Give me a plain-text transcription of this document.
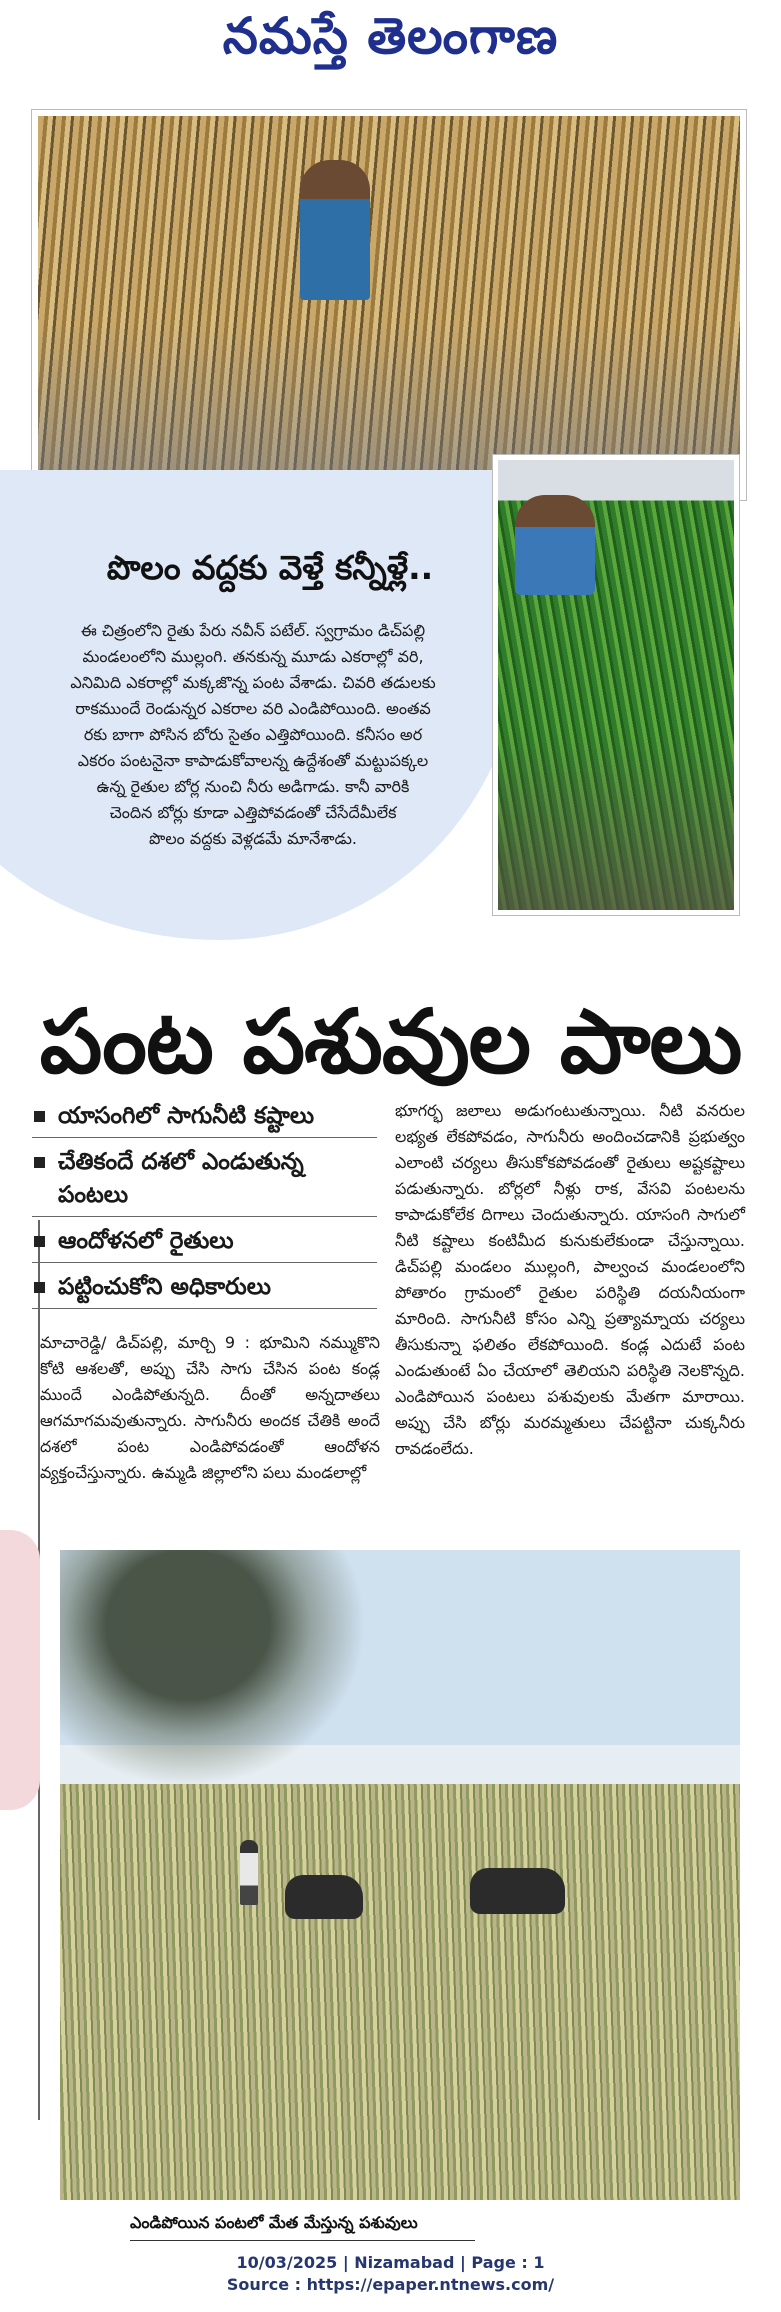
నమస్తే తెలంగాణ
పొలం వద్దకు వెళ్తే కన్నీళ్లే..
ఈ చిత్రంలోని రైతు పేరు నవీన్ పటేల్. స్వగ్రామం డిచ్‌పల్లి
మండలంలోని ముల్లంగి. తనకున్న మూడు ఎకరాల్లో వరి,
ఎనిమిది ఎకరాల్లో మక్కజొన్న పంట వేశాడు. చివరి తడులకు
రాకముందే రెండున్నర ఎకరాల వరి ఎండిపోయింది. అంతవ
రకు బాగా పోసిన బోరు సైతం ఎత్తిపోయింది. కనీసం అర
ఎకరం పంటనైనా కాపాడుకోవాలన్న ఉద్దేశంతో మట్టుపక్కల
ఉన్న రైతుల బోర్ల నుంచి నీరు అడిగాడు. కానీ వారికి
చెందిన బోర్లు కూడా ఎత్తిపోవడంతో చేసేదేమీలేక
పొలం వద్దకు వెళ్లడమే మానేశాడు.
పంట పశువుల పాలు
యాసంగిలో సాగునీటి కష్టాలు
చేతికందే దశలో ఎండుతున్న పంటలు
ఆందోళనలో రైతులు
పట్టించుకోని అధికారులు
మాచారెడ్డి/ డిచ్‌పల్లి, మార్చి 9 : భూమిని నమ్ముకొని కోటి ఆశలతో, అప్పు చేసి సాగు చేసిన పంట కండ్ల ముందే ఎండిపోతున్నది. దీంతో అన్నదాతలు ఆగమాగమవుతున్నారు. సాగునీరు అందక చేతికి అందే దశలో పంట ఎండిపోవడంతో ఆందోళన వ్యక్తంచేస్తున్నారు. ఉమ్మడి జిల్లాలోని పలు మండలాల్లో
భూగర్భ జలాలు అడుగంటుతున్నాయి. నీటి వనరుల లభ్యత లేకపోవడం, సాగునీరు అందించడానికి ప్రభుత్వం ఎలాంటి చర్యలు తీసుకోకపోవడంతో రైతులు అష్టకష్టాలు పడుతున్నారు. బోర్లలో నీళ్లు రాక, వేసవి పంటలను కాపాడుకోలేక దిగాలు చెందుతున్నారు. యాసంగి సాగులో నీటి కష్టాలు కంటిమీద కునుకులేకుండా చేస్తున్నాయి. డిచ్‌పల్లి మండలం ముల్లంగి, పాల్వంచ మండలంలోని పోతారం గ్రామంలో రైతుల పరిస్థితి దయనీయంగా మారింది. సాగునీటి కోసం ఎన్ని ప్రత్యామ్నాయ చర్యలు తీసుకున్నా ఫలితం లేకపోయింది. కండ్ల ఎదుటే పంట ఎండుతుంటే ఏం చేయాలో తెలియని పరిస్థితి నెలకొన్నది. ఎండిపోయిన పంటలు పశువులకు మేతగా మారాయి. అప్పు చేసి బోర్లు మరమ్మతులు చేపట్టినా చుక్కనీరు రావడంలేదు.
ఎండిపోయిన పంటలో మేత మేస్తున్న పశువులు
10/03/2025 | Nizamabad | Page : 1
Source : https://epaper.ntnews.com/
